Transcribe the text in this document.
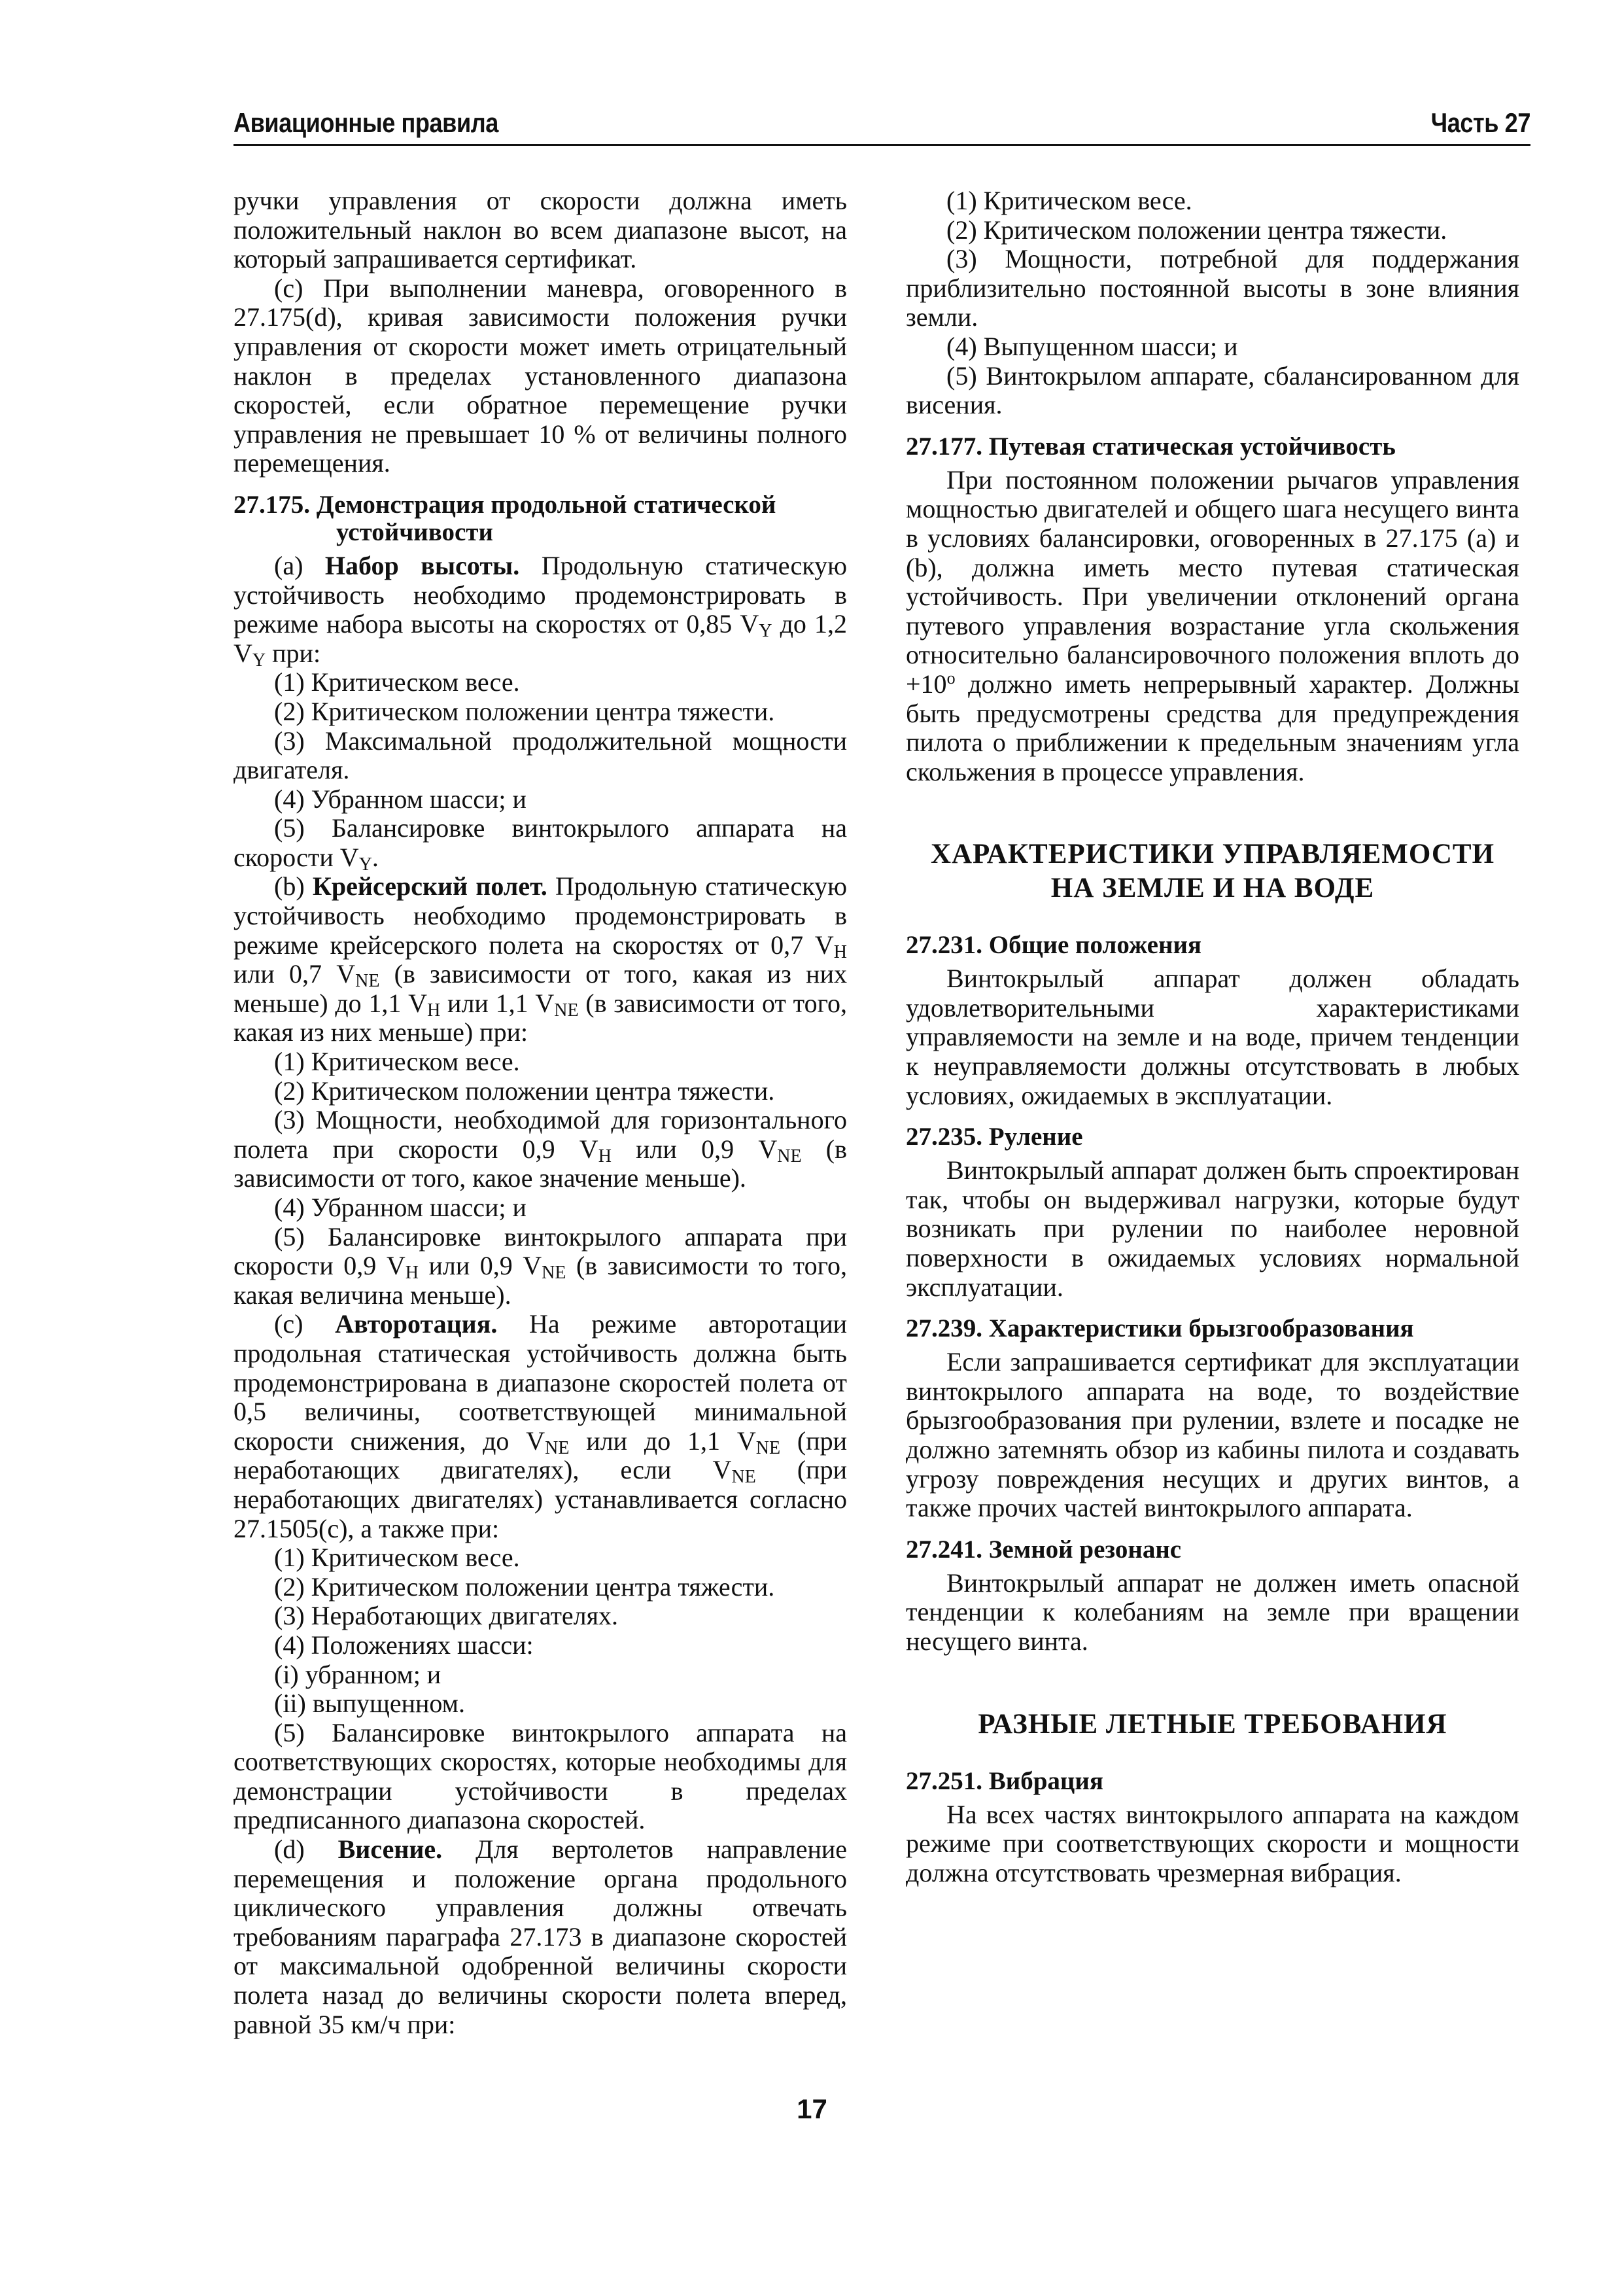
Авиационные правила	Часть 27

ручки управления от скорости должна иметь положительный наклон во всем диапазоне высот, на который запрашивается сертификат.

(с) При выполнении маневра, оговоренного в 27.175(d), кривая зависимости положения ручки управления от скорости может иметь отрицательный наклон в пределах установленного диапазона скоростей, если обратное перемещение ручки управления не превышает 10 % от величины полного перемещения.

27.175. Демонстрация продольной статической
устойчивости

(a) Набор высоты. Продольную статическую устойчивость необходимо продемонстрировать в режиме набора высоты на скоростях от 0,85 $V_Y$ до 1,2 $V_Y$ при:

(1) Критическом весе.

(2) Критическом положении центра тяжести.

(3) Максимальной продолжительной мощности двигателя.

(4) Убранном шасси; и

(5) Балансировке винтокрылого аппарата на скорости $V_Y$.

(b) Крейсерский полет. Продольную статическую устойчивость необходимо продемонстрировать в режиме крейсерского полета на скоростях от 0,7 $V_H$ или 0,7 $V_{NE}$ (в зависимости от того, какая из них меньше) до 1,1 $V_H$ или 1,1 $V_{NE}$ (в зависимости от того, какая из них меньше) при:

(1) Критическом весе.

(2) Критическом положении центра тяжести.

(3) Мощности, необходимой для горизонтального полета при скорости 0,9 $V_H$ или 0,9 $V_{NE}$ (в зависимости от того, какое значение меньше).

(4) Убранном шасси; и

(5) Балансировке винтокрылого аппарата при скорости 0,9 $V_H$ или 0,9 $V_{NE}$ (в зависимости то того, какая величина меньше).

(с) Авторотация. На режиме авторотации продольная статическая устойчивость должна быть продемонстрирована в диапазоне скоростей полета от 0,5 величины, соответствующей минимальной скорости снижения, до $V_{NE}$ или до 1,1 $V_{NE}$ (при неработающих двигателях), если $V_{NE}$ (при неработающих двигателях) устанавливается согласно 27.1505(с), а также при:

(1) Критическом весе.

(2) Критическом положении центра тяжести.

(3) Неработающих двигателях.

(4) Положениях шасси:

(i) убранном; и

(ii) выпущенном.

(5) Балансировке винтокрылого аппарата на соответствующих скоростях, которые необходимы для демонстрации устойчивости в пределах предписанного диапазона скоростей.

(d) Висение. Для вертолетов направление перемещения и положение органа продольного циклического управления должны отвечать требованиям параграфа 27.173 в диапазоне скоростей от максимальной одобренной величины скорости полета назад до величины скорости полета вперед, равной 35 км/ч при:

(1) Критическом весе.

(2) Критическом положении центра тяжести.

(3) Мощности, потребной для поддержания приблизительно постоянной высоты в зоне влияния земли.

(4) Выпущенном шасси; и

(5) Винтокрылом аппарате, сбалансированном для висения.

27.177. Путевая статическая устойчивость

При постоянном положении рычагов управления мощностью двигателей и общего шага несущего винта в условиях балансировки, оговоренных в 27.175 (а) и (b), должна иметь место путевая статическая устойчивость. При увеличении отклонений органа путевого управления возрастание угла скольжения относительно балансировочного положения вплоть до $+10^o$ должно иметь непрерывный характер. Должны быть предусмотрены средства для предупреждения пилота о приближении к предельным значениям угла скольжения в процессе управления.

ХАРАКТЕРИСТИКИ УПРАВЛЯЕМОСТИ
НА ЗЕМЛЕ И НА ВОДЕ
27.231. Общие положения

Винтокрылый аппарат должен обладать удовлетворительными характеристиками управляемости на земле и на воде, причем тенденции к неуправляемости должны отсутствовать в любых условиях, ожидаемых в эксплуатации.

27.235. Руление

Винтокрылый аппарат должен быть спроектирован так, чтобы он выдерживал нагрузки, которые будут возникать при рулении по наиболее неровной поверхности в ожидаемых условиях нормальной эксплуатации.

27.239. Характеристики брызгообразования

Если запрашивается сертификат для эксплуатации винтокрылого аппарата на воде, то воздействие брызгообразования при рулении, взлете и посадке не должно затемнять обзор из кабины пилота и создавать угрозу повреждения несущих и других винтов, а также прочих частей винтокрылого аппарата.

27.241. Земной резонанс

Винтокрылый аппарат не должен иметь опасной тенденции к колебаниям на земле при вращении несущего винта.

РАЗНЫЕ ЛЕТНЫЕ ТРЕБОВАНИЯ
27.251. Вибрация

На всех частях винтокрылого аппарата на каждом режиме при соответствующих скорости и мощности должна отсутствовать чрезмерная вибрация.

17
